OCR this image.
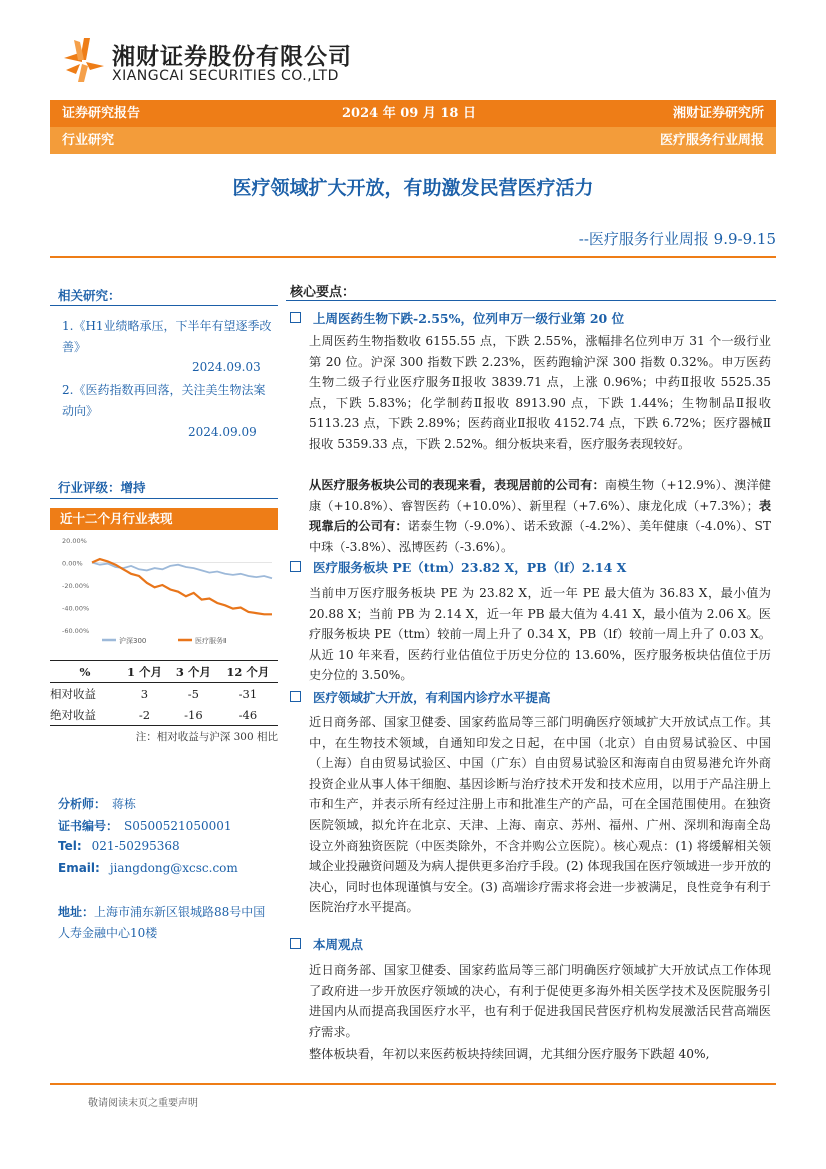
湘财证券股份有限公司
XIANGCAI SECURITIES CO.,LTD
证券研究报告	2024 年 09 月 18 日	湘财证券研究所
行业研究	医疗服务行业周报
医疗领域扩大开放，有助激发民营医疗活力
--医疗服务行业周报 9.9-9.15
相关研究：
1.《H1业绩略承压，下半年有望逐季改善》
2024.09.03
2.《医药指数再回落，关注美生物法案动向》
2024.09.09
行业评级：增持
近十二个月行业表现
20.00%
0.00%
-20.00%
-40.00%
-60.00%
沪深300	医疗服务Ⅱ
%	1 个月	3 个月	12 个月
相对收益	3	-5	-31
绝对收益	-2	-16	-46
注：相对收益与沪深 300 相比
分析师： 蒋栋
证书编号： S0500521050001
Tel: 021-50295368
Email: jiangdong@xcsc.com
地址：上海市浦东新区银城路88号中国人寿金融中心10楼
核心要点：
上周医药生物下跌-2.55%，位列申万一级行业第 20 位
上周医药生物指数收 6155.55 点，下跌 2.55%，涨幅排名位列申万 31 个一级行业第 20 位。沪深 300 指数下跌 2.23%，医药跑输沪深 300 指数 0.32%。申万医药生物二级子行业医疗服务Ⅱ报收 3839.71 点，上涨 0.96%；中药Ⅱ报收 5525.35 点，下跌 5.83%；化学制药Ⅱ报收 8913.90 点，下跌 1.44%；生物制品Ⅱ报收 5113.23 点，下跌 2.89%；医药商业Ⅱ报收 4152.74 点，下跌 6.72%；医疗器械Ⅱ报收 5359.33 点，下跌 2.52%。细分板块来看，医疗服务表现较好。
从医疗服务板块公司的表现来看，表现居前的公司有：南模生物（+12.9%）、澳洋健康（+10.8%）、睿智医药（+10.0%）、新里程（+7.6%）、康龙化成（+7.3%）；表现靠后的公司有：诺泰生物（-9.0%）、诺禾致源（-4.2%）、美年健康（-4.0%）、ST 中珠（-3.8%）、泓博医药（-3.6%）。
医疗服务板块 PE（ttm）23.82 X，PB（lf）2.14 X
当前申万医疗服务板块 PE 为 23.82 X，近一年 PE 最大值为 36.83 X，最小值为 20.88 X；当前 PB 为 2.14 X，近一年 PB 最大值为 4.41 X，最小值为 2.06 X。医疗服务板块 PE（ttm）较前一周上升了 0.34 X，PB（lf）较前一周上升了 0.03 X。从近 10 年来看，医药行业估值位于历史分位的 13.60%，医疗服务板块估值位于历史分位的 3.50%。
医疗领域扩大开放，有利国内诊疗水平提高
近日商务部、国家卫健委、国家药监局等三部门明确医疗领域扩大开放试点工作。其中，在生物技术领域，自通知印发之日起，在中国（北京）自由贸易试验区、中国（上海）自由贸易试验区、中国（广东）自由贸易试验区和海南自由贸易港允许外商投资企业从事人体干细胞、基因诊断与治疗技术开发和技术应用，以用于产品注册上市和生产，并表示所有经过注册上市和批准生产的产品，可在全国范围使用。在独资医院领域，拟允许在北京、天津、上海、南京、苏州、福州、广州、深圳和海南全岛设立外商独资医院（中医类除外，不含并购公立医院）。核心观点：(1) 将缓解相关领域企业投融资问题及为病人提供更多治疗手段。(2) 体现我国在医疗领域进一步开放的决心，同时也体现谨慎与安全。(3) 高端诊疗需求将会进一步被满足，良性竞争有利于医院治疗水平提高。
本周观点
近日商务部、国家卫健委、国家药监局等三部门明确医疗领域扩大开放试点工作体现了政府进一步开放医疗领域的决心，有利于促使更多海外相关医学技术及医院服务引进国内从而提高我国医疗水平，也有利于促进我国民营医疗机构发展激活民营高端医疗需求。
整体板块看，年初以来医药板块持续回调，尤其细分医疗服务下跌超 40%,
敬请阅读末页之重要声明
